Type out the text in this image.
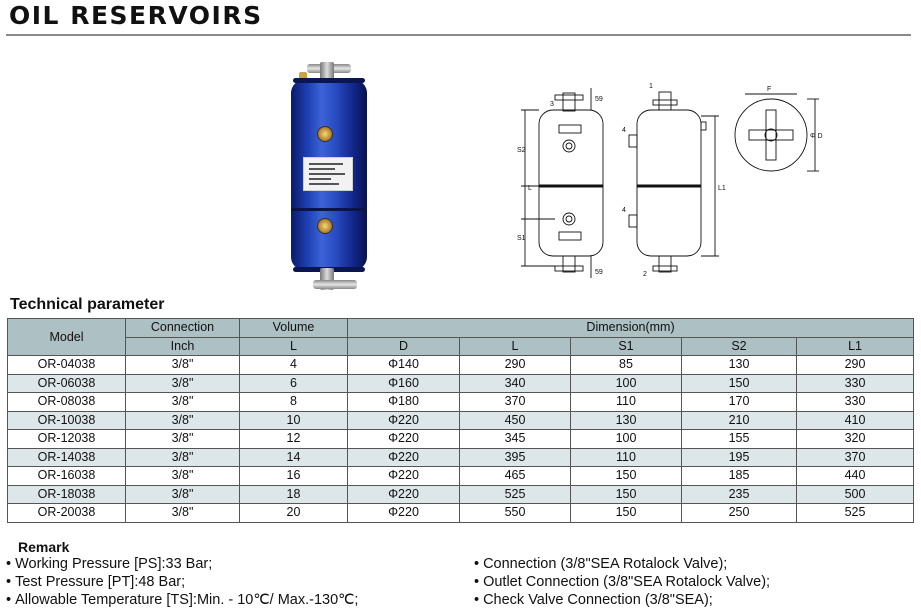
OIL RESERVOIRS
59
59
S2
S1
L	L1
F
Φ D
3
1
2
4
4
Technical parameter
Model	Connection	Volume	Dimension(mm)				
	Inch	L	D	L	S1	S2	L1
OR-04038	3/8"	4	Φ140	290	85	130	290
OR-06038	3/8"	6	Φ160	340	100	150	330
OR-08038	3/8"	8	Φ180	370	110	170	330
OR-10038	3/8"	10	Φ220	450	130	210	410
OR-12038	3/8"	12	Φ220	345	100	155	320
OR-14038	3/8"	14	Φ220	395	110	195	370
OR-16038	3/8"	16	Φ220	465	150	185	440
OR-18038	3/8"	18	Φ220	525	150	235	500
OR-20038	3/8"	20	Φ220	550	150	250	525
Remark
• Working Pressure [PS]:33 Bar;
• Test Pressure [PT]:48 Bar;
• Allowable Temperature [TS]:Min. - 10℃/ Max.-130℃;
• Connection (3/8"SEA Rotalock Valve);
• Outlet Connection (3/8"SEA Rotalock Valve);
• Check Valve Connection (3/8"SEA);
